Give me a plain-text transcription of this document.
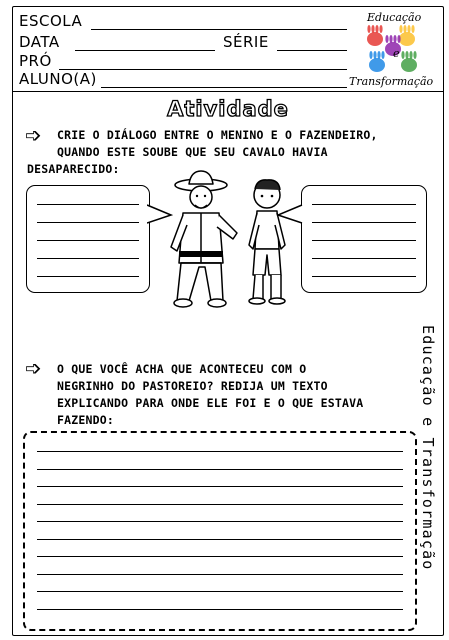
ESCOLA
DATA	SÉRIE
PRÓ
ALUNO(A)
Educação
e
Transformação
Atividade
➩ CRIE O DIÁLOGO ENTRE O MENINO E O FAZENDEIRO,
QUANDO ESTE SOUBE QUE SEU CAVALO HAVIA
DESAPARECIDO:
➩ O QUE VOCÊ ACHA QUE ACONTECEU COM O
NEGRINHO DO PASTOREIO? REDIJA UM TEXTO
EXPLICANDO PARA ONDE ELE FOI E O QUE ESTAVA
FAZENDO:	Educação e Transformação
